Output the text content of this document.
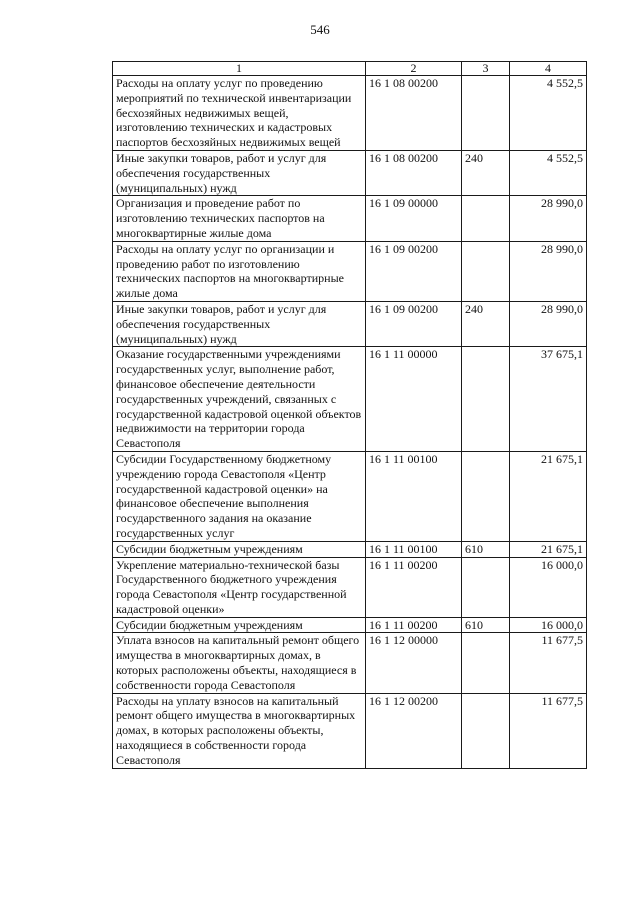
546
1	2	3	4
Расходы на оплату услуг по проведению мероприятий по технической инвентаризации бесхозяйных недвижимых вещей, изготовлению технических и кадастровых паспортов бесхозяйных недвижимых вещей	16 1 08 00200		4 552,5
Иные закупки товаров, работ и услуг для обеспечения государственных (муниципальных) нужд	16 1 08 00200	240	4 552,5
Организация и проведение работ по изготовлению технических паспортов на многоквартирные жилые дома	16 1 09 00000		28 990,0
Расходы на оплату услуг по организации и проведению работ по изготовлению технических паспортов на многоквартирные жилые дома	16 1 09 00200		28 990,0
Иные закупки товаров, работ и услуг для обеспечения государственных (муниципальных) нужд	16 1 09 00200	240	28 990,0
Оказание государственными учреждениями государственных услуг, выполнение работ, финансовое обеспечение деятельности государственных учреждений, связанных с государственной кадастровой оценкой объектов недвижимости на территории города Севастополя	16 1 11 00000		37 675,1
Субсидии Государственному бюджетному учреждению города Севастополя «Центр государственной кадастровой оценки» на финансовое обеспечение выполнения государственного задания на оказание государственных услуг	16 1 11 00100		21 675,1
Субсидии бюджетным учреждениям	16 1 11 00100	610	21 675,1
Укрепление материально-технической базы Государственного бюджетного учреждения города Севастополя «Центр государственной кадастровой оценки»	16 1 11 00200		16 000,0
Субсидии бюджетным учреждениям	16 1 11 00200	610	16 000,0
Уплата взносов на капитальный ремонт общего имущества в многоквартирных домах, в которых расположены объекты, находящиеся в собственности города Севастополя	16 1 12 00000		11 677,5
Расходы на уплату взносов на капитальный ремонт общего имущества в многоквартирных домах, в которых расположены объекты, находящиеся в собственности города Севастополя	16 1 12 00200		11 677,5
